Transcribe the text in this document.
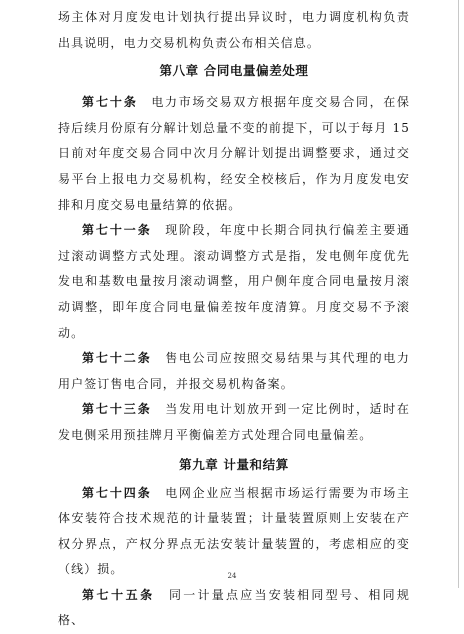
场主体对月度发电计划执行提出异议时，电力调度机构负责出具说明，电力交易机构负责公布相关信息。

第八章 合同电量偏差处理

第七十条  电力市场交易双方根据年度交易合同，在保持后续月份原有分解计划总量不变的前提下，可以于每月 15 日前对年度交易合同中次月分解计划提出调整要求，通过交易平台上报电力交易机构，经安全校核后，作为月度发电安排和月度交易电量结算的依据。

第七十一条  现阶段，年度中长期合同执行偏差主要通过滚动调整方式处理。滚动调整方式是指，发电侧年度优先发电和基数电量按月滚动调整，用户侧年度合同电量按月滚动调整，即年度合同电量偏差按年度清算。月度交易不予滚动。

第七十二条  售电公司应按照交易结果与其代理的电力用户签订售电合同，并报交易机构备案。

第七十三条  当发用电计划放开到一定比例时，适时在发电侧采用预挂牌月平衡偏差方式处理合同电量偏差。

第九章 计量和结算

第七十四条  电网企业应当根据市场运行需要为市场主体安装符合技术规范的计量装置；计量装置原则上安装在产权分界点，产权分界点无法安装计量装置的，考虑相应的变（线）损。

第七十五条  同一计量点应当安装相同型号、相同规格、

24
